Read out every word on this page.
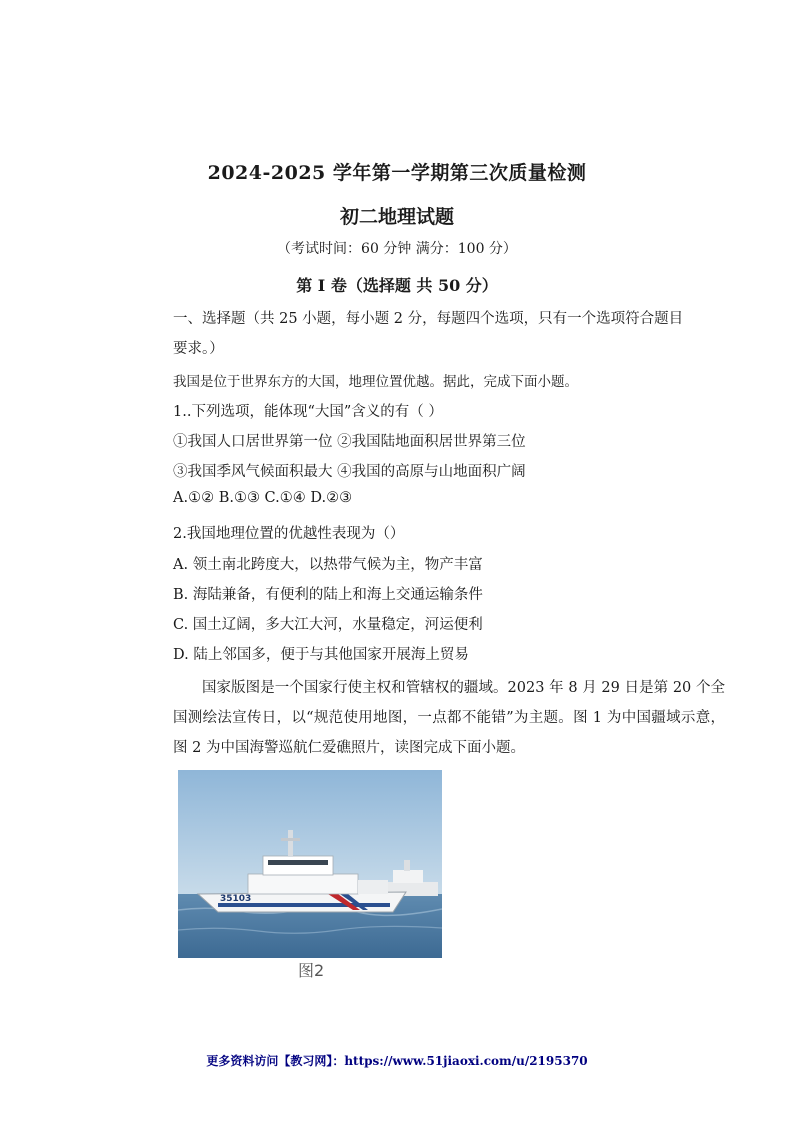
2024-2025 学年第一学期第三次质量检测
初二地理试题
（考试时间：60 分钟 满分：100 分）
第 I 卷（选择题 共 50 分）
一、选择题（共 25 小题，每小题 2 分，每题四个选项，只有一个选项符合题目
要求。）
我国是位于世界东方的大国，地理位置优越。据此，完成下面小题。
1..下列选项，能体现“大国”含义的有（ ）
①我国人口居世界第一位 ②我国陆地面积居世界第三位
③我国季风气候面积最大 ④我国的高原与山地面积广阔
A.①② B.①③ C.①④ D.②③
2.我国地理位置的优越性表现为（）
A. 领土南北跨度大，以热带气候为主，物产丰富
B. 海陆兼备，有便利的陆上和海上交通运输条件
C. 国土辽阔，多大江大河，水量稳定，河运便利
D. 陆上邻国多，便于与其他国家开展海上贸易
国家版图是一个国家行使主权和管辖权的疆域。2023 年 8 月 29 日是第 20 个全国测绘法宣传日，以“规范使用地图，一点都不能错”为主题。图 1 为中国疆域示意，图 2 为中国海警巡航仁爱礁照片，读图完成下面小题。
35103
图2
更多资料访问【教习网】：https://www.51jiaoxi.com/u/2195370
